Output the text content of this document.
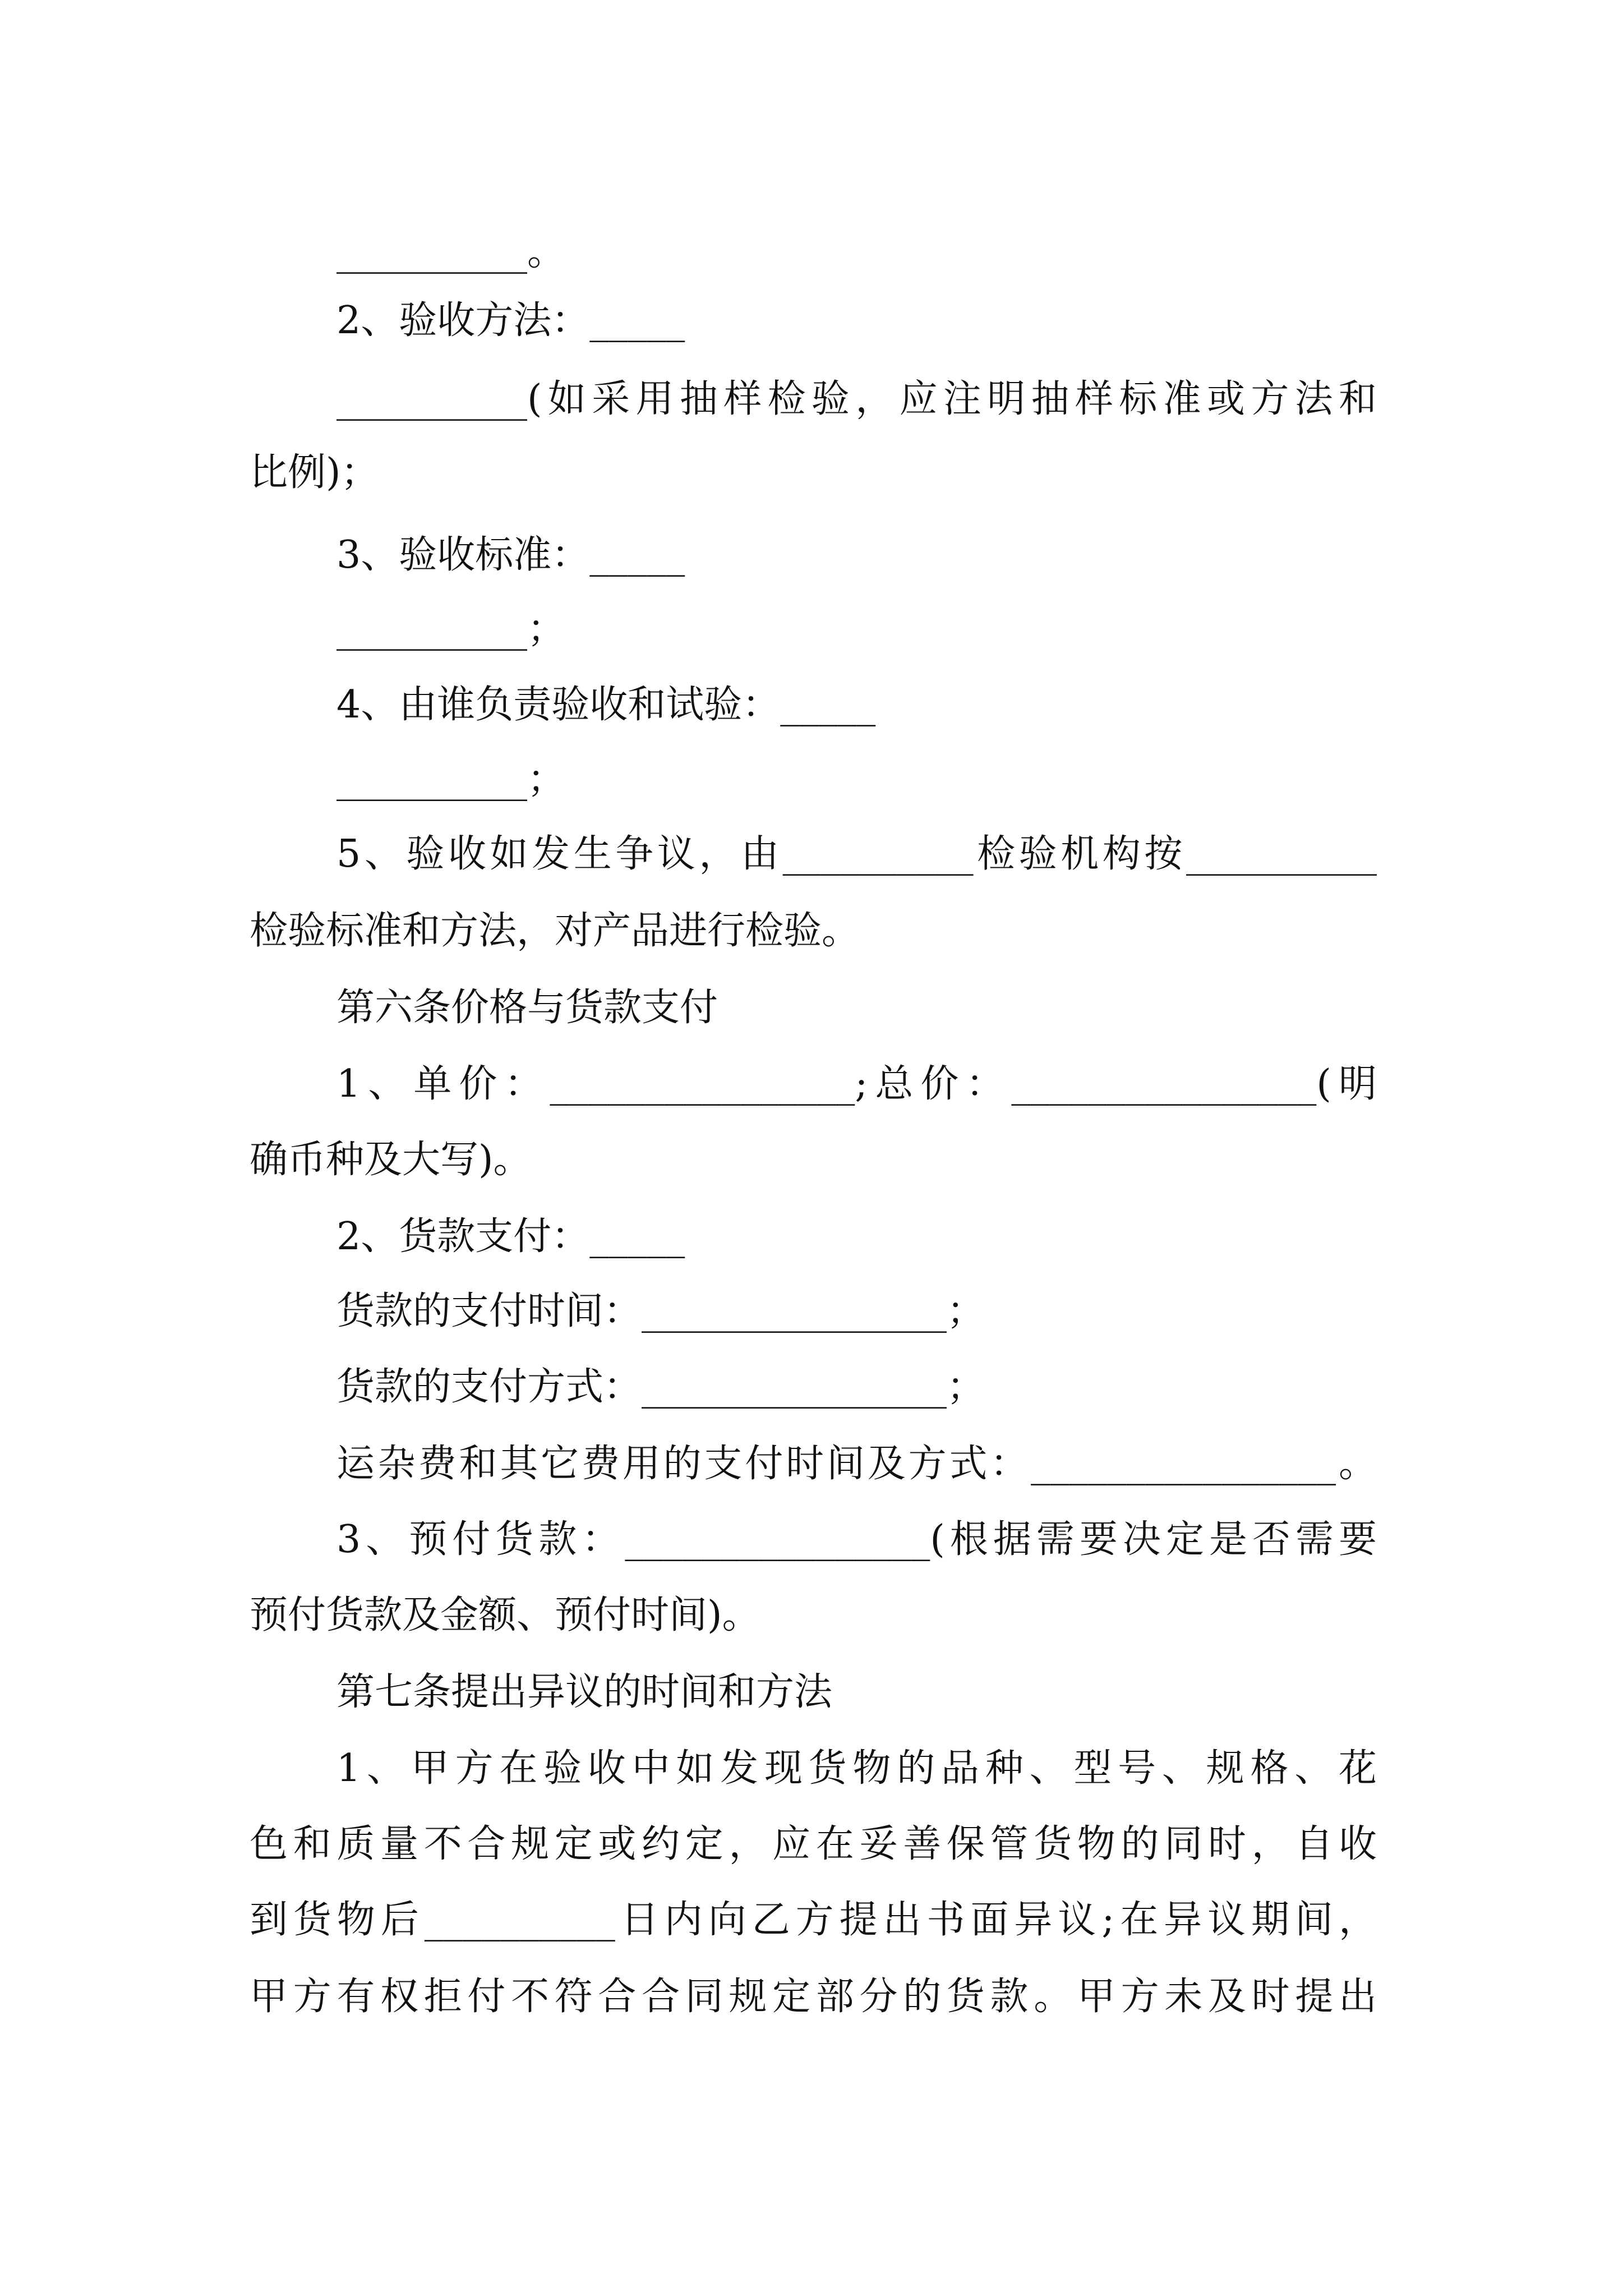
__________。
2、验收方法：_____
__________(如采用抽样检验，应注明抽样标准或方法和
比例)；
3、验收标准：_____
__________；
4、由谁负责验收和试验：_____
__________；
5、验收如发生争议，由__________检验机构按__________
检验标准和方法，对产品进行检验。
第六条价格与货款支付
1、单价：________________;总价：________________(明
确币种及大写)。
2、货款支付：_____
货款的支付时间：________________；
货款的支付方式：________________；
运杂费和其它费用的支付时间及方式：________________。
3、预付货款：________________(根据需要决定是否需要
预付货款及金额、预付时间)。
第七条提出异议的时间和方法
1、甲方在验收中如发现货物的品种、型号、规格、花
色和质量不合规定或约定，应在妥善保管货物的同时，自收
到货物后__________日内向乙方提出书面异议;在异议期间，
甲方有权拒付不符合合同规定部分的货款。甲方未及时提出
